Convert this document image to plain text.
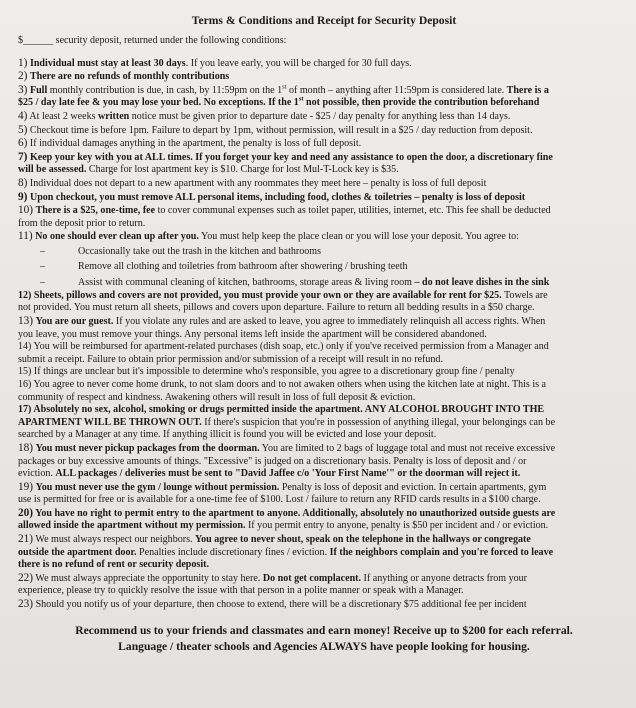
Terms & Conditions and Receipt for Security Deposit
$______ security deposit, returned under the following conditions:
1) Individual must stay at least 30 days. If you leave early, you will be charged for 30 full days.
2) There are no refunds of monthly contributions
3) Full monthly contribution is due, in cash, by 11:59pm on the 1st of month – anything after 11:59pm is considered late. There is a
$25 / day late fee & you may lose your bed. No exceptions. If the 1st not possible, then provide the contribution beforehand
4) At least 2 weeks written notice must be given prior to departure date - $25 / day penalty for anything less than 14 days.
5) Checkout time is before 1pm. Failure to depart by 1pm, without permission, will result in a $25 / day reduction from deposit.
6) If individual damages anything in the apartment, the penalty is loss of full deposit.
7) Keep your key with you at ALL times. If you forget your key and need any assistance to open the door, a discretionary fine
will be assessed. Charge for lost apartment key is $10. Charge for lost Mul-T-Lock key is $35.
8) Individual does not depart to a new apartment with any roommates they meet here – penalty is loss of full deposit
9) Upon checkout, you must remove ALL personal items, including food, clothes & toiletries – penalty is loss of deposit
10) There is a $25, one-time, fee to cover communal expenses such as toilet paper, utilities, internet, etc. This fee shall be deducted
from the deposit prior to return.
11) No one should ever clean up after you. You must help keep the place clean or you will lose your deposit. You agree to:
–	Occasionally take out the trash in the kitchen and bathrooms
–	Remove all clothing and toiletries from bathroom after showering / brushing teeth
–	Assist with communal cleaning of kitchen, bathrooms, storage areas & living room – do not leave dishes in the sink
12) Sheets, pillows and covers are not provided, you must provide your own or they are available for rent for $25. Towels are
not provided. You must return all sheets, pillows and covers upon departure. Failure to return all bedding results in a $50 charge.
13) You are our guest. If you violate any rules and are asked to leave, you agree to immediately relinquish all access rights. When
you leave, you must remove your things. Any personal items left inside the apartment will be considered abandoned.
14) You will be reimbursed for apartment-related purchases (dish soap, etc.) only if you've received permission from a Manager and
submit a receipt. Failure to obtain prior permission and/or submission of a receipt will result in no refund.
15) If things are unclear but it's impossible to determine who's responsible, you agree to a discretionary group fine / penalty
16) You agree to never come home drunk, to not slam doors and to not awaken others when using the kitchen late at night. This is a
community of respect and kindness. Awakening others will result in loss of full deposit & eviction.
17) Absolutely no sex, alcohol, smoking or drugs permitted inside the apartment. ANY ALCOHOL BROUGHT INTO THE
APARTMENT WILL BE THROWN OUT. If there's suspicion that you're in possession of anything illegal, your belongings can be
searched by a Manager at any time. If anything illicit is found you will be evicted and lose your deposit.
18) You must never pickup packages from the doorman. You are limited to 2 bags of luggage total and must not receive excessive
packages or buy excessive amounts of things. "Excessive" is judged on a discretionary basis. Penalty is loss of deposit and / or
eviction. ALL packages / deliveries must be sent to "David Jaffee c/o 'Your First Name'" or the doorman will reject it.
19) You must never use the gym / lounge without permission. Penalty is loss of deposit and eviction. In certain apartments, gym
use is permitted for free or is available for a one-time fee of $100. Lost / failure to return any RFID cards results in a $100 charge.
20) You have no right to permit entry to the apartment to anyone. Additionally, absolutely no unauthorized outside guests are
allowed inside the apartment without my permission. If you permit entry to anyone, penalty is $50 per incident and / or eviction.
21) We must always respect our neighbors. You agree to never shout, speak on the telephone in the hallways or congregate
outside the apartment door. Penalties include discretionary fines / eviction. If the neighbors complain and you're forced to leave
there is no refund of rent or security deposit.
22) We must always appreciate the opportunity to stay here. Do not get complacent. If anything or anyone detracts from your
experience, please try to quickly resolve the issue with that person in a polite manner or speak with a Manager.
23) Should you notify us of your departure, then choose to extend, there will be a discretionary $75 additional fee per incident
Recommend us to your friends and classmates and earn money! Receive up to $200 for each referral.
Language / theater schools and Agencies ALWAYS have people looking for housing.
